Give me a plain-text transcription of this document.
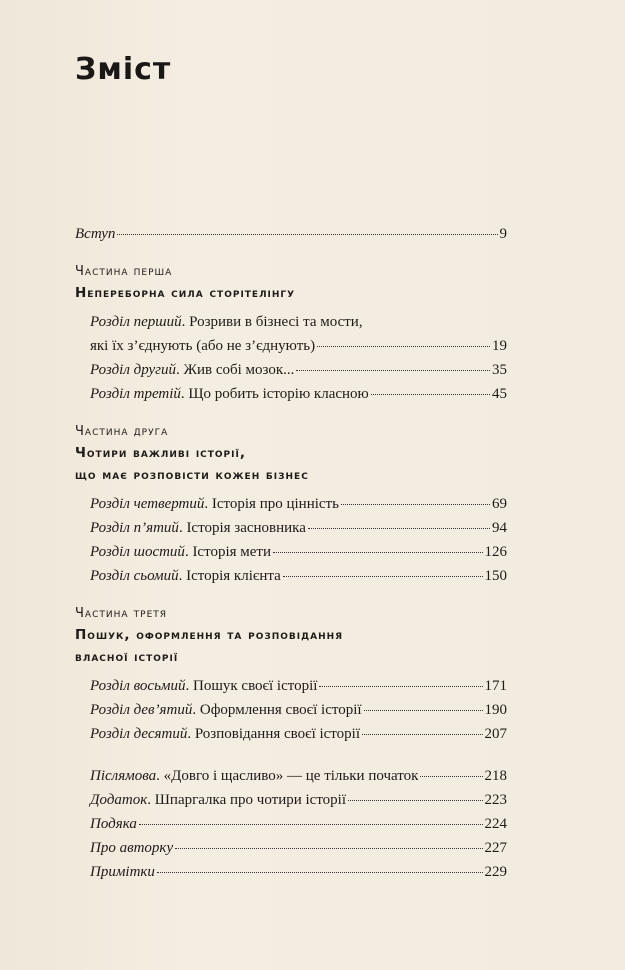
Зміст
Вступ	9
Частина перша
Непереборна сила сторітелінгу
Розділ перший. Розриви в бізнесі та мости,
які їх з’єднують (або не з’єднують)	19
Розділ другий. Жив собі мозок...	35
Розділ третій. Що робить історію класною	45
Частина друга
Чотири важливі історії,
що має розповісти кожен бізнес
Розділ четвертий. Історія про цінність	69
Розділ п’ятий. Історія засновника	94
Розділ шостий. Історія мети	126
Розділ сьомий. Історія клієнта	150
Частина третя
Пошук, оформлення та розповідання
власної історії
Розділ восьмий. Пошук своєї історії	171
Розділ дев’ятий. Оформлення своєї історії	190
Розділ десятий. Розповідання своєї історії	207
Післямова. «Довго і щасливо» — це тільки початок	218
Додаток. Шпаргалка про чотири історії	223
Подяка	224
Про авторку	227
Примітки	229
